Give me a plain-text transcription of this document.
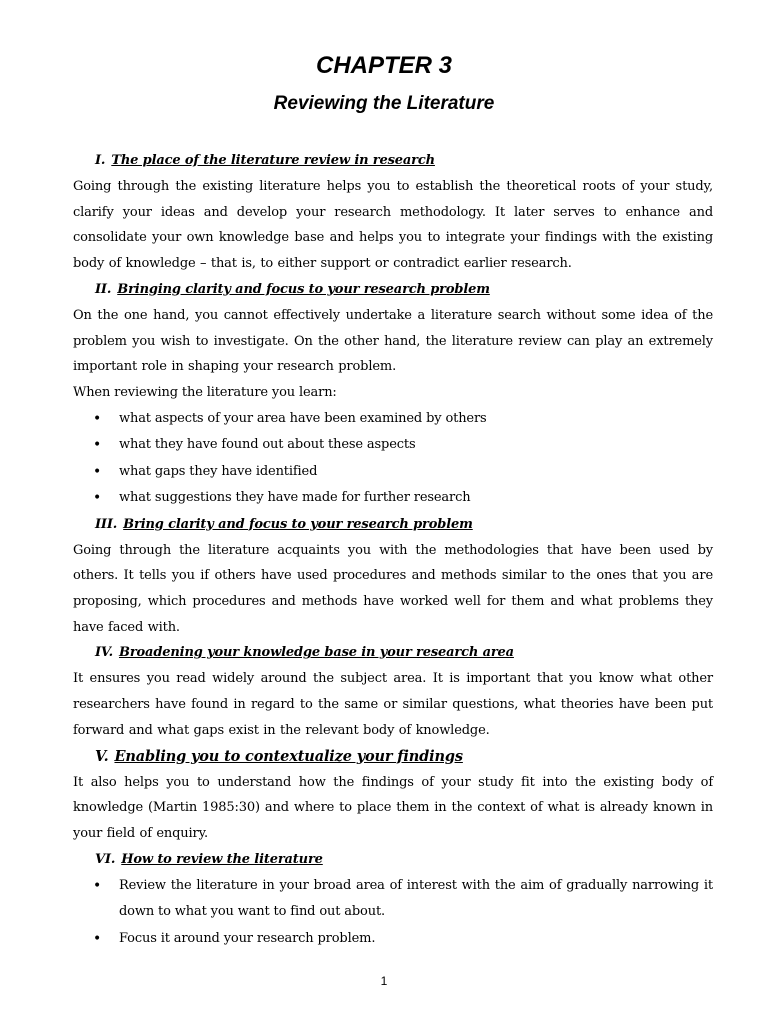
CHAPTER 3
Reviewing the Literature
I. The place of the literature review in research

Going through the existing literature helps you to establish the theoretical roots of your study, clarify your ideas and develop your research methodology. It later serves to enhance and consolidate your own knowledge base and helps you to integrate your findings with the existing body of knowledge – that is, to either support or contradict earlier research.

II. Bringing clarity and focus to your research problem

On the one hand, you cannot effectively undertake a literature search without some idea of the problem you wish to investigate. On the other hand, the literature review can play an extremely important role in shaping your research problem.

When reviewing the literature you learn:
• what aspects of your area have been examined by others
• what they have found out about these aspects
• what gaps they have identified
• what suggestions they have made for further research
III. Bring clarity and focus to your research problem

Going through the literature acquaints you with the methodologies that have been used by others. It tells you if others have used procedures and methods similar to the ones that you are proposing, which procedures and methods have worked well for them and what problems they have faced with.

IV. Broadening your knowledge base in your research area

It ensures you read widely around the subject area. It is important that you know what other researchers have found in regard to the same or similar questions, what theories have been put forward and what gaps exist in the relevant body of knowledge.

V. Enabling you to contextualize your findings

It also helps you to understand how the findings of your study fit into the existing body of knowledge (Martin 1985:30) and where to place them in the context of what is already known in your field of enquiry.

VI. How to review the literature
• Review the literature in your broad area of interest with the aim of gradually narrowing it down to what you want to find out about.
• Focus it around your research problem.
1
